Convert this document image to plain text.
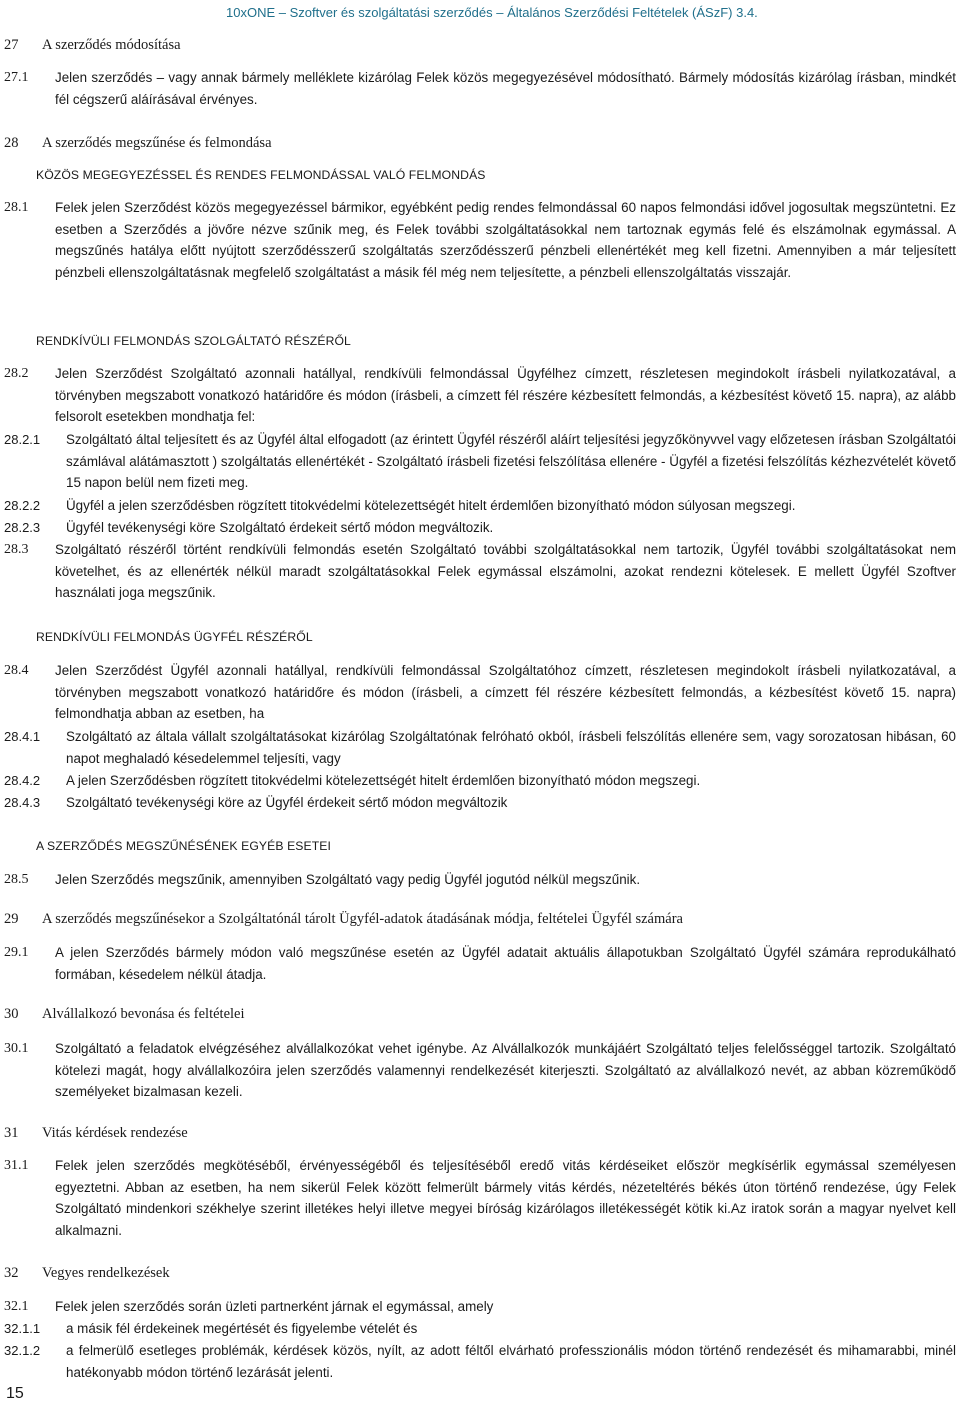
10xONE – Szoftver és szolgáltatási szerződés – Általános Szerződési Feltételek (ÁSzF) 3.4.
27 A szerződés módosítása
27.1 Jelen szerződés – vagy annak bármely melléklete kizárólag Felek közös megegyezésével módosítható. Bármely módosítás kizárólag írásban, mindkét fél cégszerű aláírásával érvényes.
28 A szerződés megszűnése és felmondása
KÖZÖS MEGEGYEZÉSSEL ÉS RENDES FELMONDÁSSAL VALÓ FELMONDÁS
28.1 Felek jelen Szerződést közös megegyezéssel bármikor, egyébként pedig rendes felmondással 60 napos felmondási idővel jogosultak megszüntetni. Ez esetben a Szerződés a jövőre nézve szűnik meg, és Felek további szolgáltatásokkal nem tartoznak egymás felé és elszámolnak egymással. A megszűnés hatálya előtt nyújtott szerződésszerű szolgáltatás szerződésszerű pénzbeli ellenértékét meg kell fizetni. Amennyiben a már teljesített pénzbeli ellenszolgáltatásnak megfelelő szolgáltatást a másik fél még nem teljesítette, a pénzbeli ellenszolgáltatás visszajár.
RENDKÍVÜLI FELMONDÁS SZOLGÁLTATÓ RÉSZÉRŐL
28.2 Jelen Szerződést Szolgáltató azonnali hatállyal, rendkívüli felmondással Ügyfélhez címzett, részletesen megindokolt írásbeli nyilatkozatával, a törvényben megszabott vonatkozó határidőre és módon (írásbeli, a címzett fél részére kézbesített felmondás, a kézbesítést követő 15. napra), az alább felsorolt esetekben mondhatja fel:
28.2.1 Szolgáltató által teljesített és az Ügyfél által elfogadott (az érintett Ügyfél részéről aláírt teljesítési jegyzőkönyvvel vagy előzetesen írásban Szolgáltatói számlával alátámasztott ) szolgáltatás ellenértékét - Szolgáltató írásbeli fizetési felszólítása ellenére - Ügyfél a fizetési felszólítás kézhezvételét követő 15 napon belül nem fizeti meg.
28.2.2 Ügyfél a jelen szerződésben rögzített titokvédelmi kötelezettségét hitelt érdemlően bizonyítható módon súlyosan megszegi.
28.2.3 Ügyfél tevékenységi köre Szolgáltató érdekeit sértő módon megváltozik.
28.3 Szolgáltató részéről történt rendkívüli felmondás esetén Szolgáltató további szolgáltatásokkal nem tartozik, Ügyfél további szolgáltatásokat nem követelhet, és az ellenérték nélkül maradt szolgáltatásokkal Felek egymással elszámolni, azokat rendezni kötelesek. E mellett Ügyfél Szoftver használati joga megszűnik.
RENDKÍVÜLI FELMONDÁS ÜGYFÉL RÉSZÉRŐL
28.4 Jelen Szerződést Ügyfél azonnali hatállyal, rendkívüli felmondással Szolgáltatóhoz címzett, részletesen megindokolt írásbeli nyilatkozatával, a törvényben megszabott vonatkozó határidőre és módon (írásbeli, a címzett fél részére kézbesített felmondás, a kézbesítést követő 15. napra) felmondhatja abban az esetben, ha
28.4.1 Szolgáltató az általa vállalt szolgáltatásokat kizárólag Szolgáltatónak felróható okból, írásbeli felszólítás ellenére sem, vagy sorozatosan hibásan, 60 napot meghaladó késedelemmel teljesíti, vagy
28.4.2 A jelen Szerződésben rögzített titokvédelmi kötelezettségét hitelt érdemlően bizonyítható módon megszegi.
28.4.3 Szolgáltató tevékenységi köre az Ügyfél érdekeit sértő módon megváltozik
A SZERZŐDÉS MEGSZŰNÉSÉNEK EGYÉB ESETEI
28.5 Jelen Szerződés megszűnik, amennyiben Szolgáltató vagy pedig Ügyfél jogutód nélkül megszűnik.
29 A szerződés megszűnésekor a Szolgáltatónál tárolt Ügyfél-adatok átadásának módja, feltételei Ügyfél számára
29.1 A jelen Szerződés bármely módon való megszűnése esetén az Ügyfél adatait aktuális állapotukban Szolgáltató Ügyfél számára reprodukálható formában, késedelem nélkül átadja.
30 Alvállalkozó bevonása és feltételei
30.1 Szolgáltató a feladatok elvégzéséhez alvállalkozókat vehet igénybe. Az Alvállalkozók munkájáért Szolgáltató teljes felelősséggel tartozik. Szolgáltató kötelezi magát, hogy alvállalkozóira jelen szerződés valamennyi rendelkezését kiterjeszti. Szolgáltató az alvállalkozó nevét, az abban közreműködő személyeket bizalmasan kezeli.
31 Vitás kérdések rendezése
31.1 Felek jelen szerződés megkötéséből, érvényességéből és teljesítéséből eredő vitás kérdéseiket először megkísérlik egymással személyesen egyeztetni. Abban az esetben, ha nem sikerül Felek között felmerült bármely vitás kérdés, nézeteltérés békés úton történő rendezése, úgy Felek Szolgáltató mindenkori székhelye szerint illetékes helyi illetve megyei bíróság kizárólagos illetékességét kötik ki.Az iratok során a magyar nyelvet kell alkalmazni.
32 Vegyes rendelkezések
32.1 Felek jelen szerződés során üzleti partnerként járnak el egymással, amely
32.1.1 a másik fél érdekeinek megértését és figyelembe vételét és
32.1.2 a felmerülő esetleges problémák, kérdések közös, nyílt, az adott féltől elvárható professzionális módon történő rendezését és mihamarabbi, minél hatékonyabb módon történő lezárását jelenti.
15
